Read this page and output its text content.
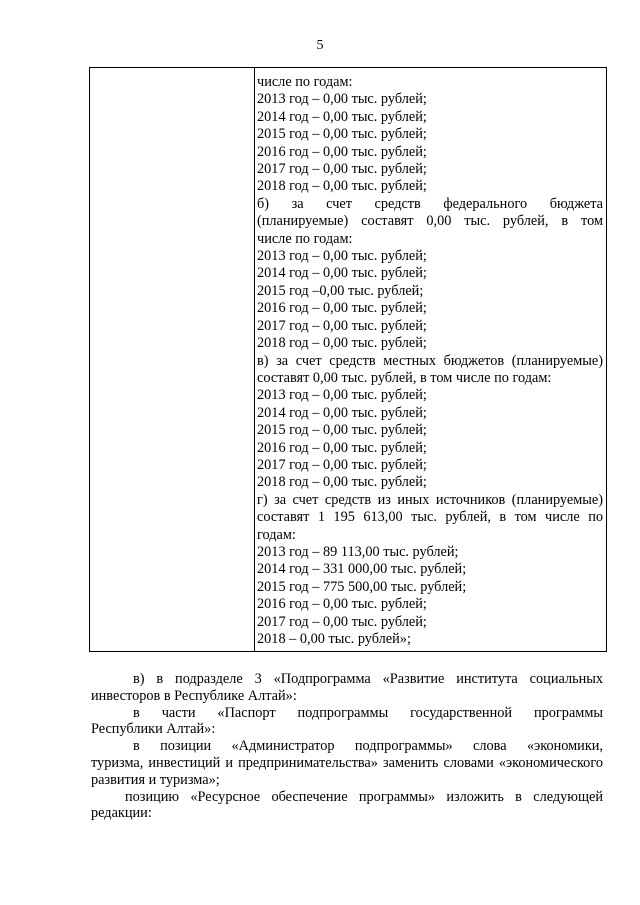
5
числе по годам:
2013 год – 0,00 тыс. рублей;
2014 год – 0,00 тыс. рублей;
2015 год – 0,00 тыс. рублей;
2016 год – 0,00 тыс. рублей;
2017 год – 0,00 тыс. рублей;
2018 год – 0,00 тыс. рублей;
б) за счет средств федерального бюджета
(планируемые) составят 0,00 тыс. рублей, в том
числе по годам:
2013 год – 0,00 тыс. рублей;
2014 год – 0,00 тыс. рублей;
2015 год –0,00 тыс. рублей;
2016 год – 0,00 тыс. рублей;
2017 год – 0,00 тыс. рублей;
2018 год – 0,00 тыс. рублей;
в) за счет средств местных бюджетов (планируемые)
составят 0,00 тыс. рублей, в том числе по годам:
2013 год – 0,00 тыс. рублей;
2014 год – 0,00 тыс. рублей;
2015 год – 0,00 тыс. рублей;
2016 год – 0,00 тыс. рублей;
2017 год – 0,00 тыс. рублей;
2018 год – 0,00 тыс. рублей;
г) за счет средств из иных источников (планируемые)
составят 1 195 613,00 тыс. рублей, в том числе по
годам:
2013 год – 89 113,00 тыс. рублей;
2014 год – 331 000,00 тыс. рублей;
2015 год – 775 500,00 тыс. рублей;
2016 год – 0,00 тыс. рублей;
2017 год – 0,00 тыс. рублей;
2018 – 0,00 тыс. рублей»;

в) в подразделе 3 «Подпрограмма «Развитие института социальных
инвесторов в Республике Алтай»:

в части «Паспорт подпрограммы государственной программы
Республики Алтай»:

в позиции «Администратор подпрограммы» слова «экономики,
туризма, инвестиций и предпринимательства» заменить словами «экономического развития и туризма»;

позицию «Ресурсное обеспечение программы» изложить в следующей
редакции:
